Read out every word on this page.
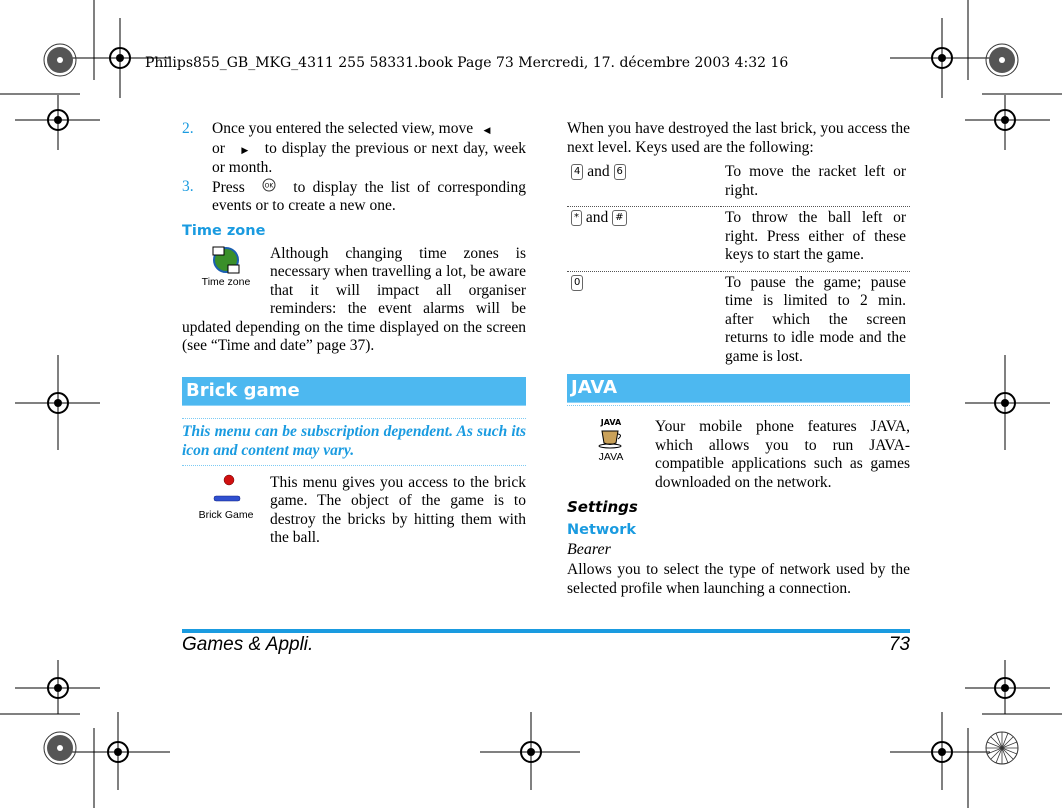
Philips855_GB_MKG_4311 255 58331.book Page 73 Mercredi, 17. décembre 2003 4:32 16
2.	Once you entered the selected view, move ◀
or ▶ to display the previous or next day, week or month.

3.	Press	OK to display the list of corresponding events or to create a new one.

Time zone
Time zone

Although changing time zones is necessary when travelling a lot, be aware that it will impact all organiser reminders: the event alarms will be updated depending on the time displayed on the screen (see “Time and date” page 37).

Brick game

This menu can be subscription dependent. As such its icon and content may vary.

Brick Game

This menu gives you access to the brick game. The object of the game is to destroy the bricks by hitting them with the ball.

When you have destroyed the last brick, you access the next level. Keys used are the following:

4 and 6	To move the racket left or right.
* and #	To throw the ball left or right. Press either of these keys to start the game.
0	To pause the game; pause time is limited to 2 min. after which the screen returns to idle mode and the game is lost.
JAVA
JAVA
JAVA

Your mobile phone features JAVA, which allows you to run JAVA-compatible applications such as games downloaded on the network.

Settings
Network
Bearer

Allows you to select the type of network used by the selected profile when launching a connection.

Games & Appli.	73
